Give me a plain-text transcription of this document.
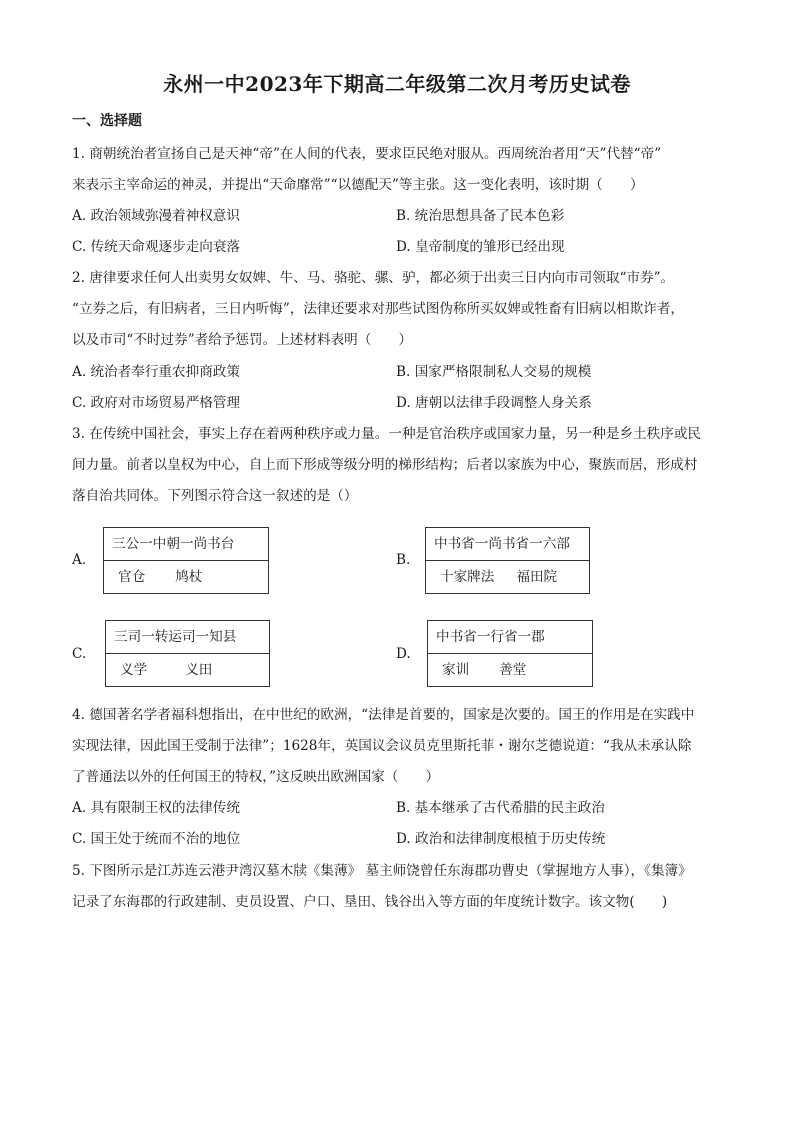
永州一中2023年下期高二年级第二次月考历史试卷
一、选择题
1. 商朝统治者宣扬自己是天神“帝”在人间的代表，要求臣民绝对服从。西周统治者用“天”代替“帝”
来表示主宰命运的神灵，并提出“天命靡常”“以德配天”等主张。这一变化表明，该时期（　　）
A. 政治领域弥漫着神权意识	B. 统治思想具备了民本色彩
C. 传统天命观逐步走向衰落	D. 皇帝制度的雏形已经出现
2. 唐律要求任何人出卖男女奴婢、牛、马、骆驼、骡、驴，都必须于出卖三日内向市司领取“市券”。
“立券之后，有旧病者，三日内听悔”，法律还要求对那些试图伪称所买奴婢或牲畜有旧病以相欺诈者，
以及市司“不时过券”者给予惩罚。上述材料表明（　　）
A. 统治者奉行重农抑商政策	B. 国家严格限制私人交易的规模
C. 政府对市场贸易严格管理	D. 唐朝以法律手段调整人身关系
3. 在传统中国社会，事实上存在着两种秩序或力量。一种是官治秩序或国家力量，另一种是乡土秩序或民
间力量。前者以皇权为中心，自上而下形成等级分明的梯形结构；后者以家族为中心，聚族而居，形成村
落自治共同体。下列图示符合这一叙述的是（）
A.
三公一中朝一尚书台
官仓 鸠杖
B.
中书省一尚书省一六部
十家牌法 福田院
C.
三司一转运司一知县
义学	义田
D.
中书省一行省一郡
家训 善堂
4. 德国著名学者福科想指出，在中世纪的欧洲，“法律是首要的，国家是次要的。国王的作用是在实践中
实现法律，因此国王受制于法律”；1628年，英国议会议员克里斯托菲・谢尔芝德说道：“我从未承认除
了普通法以外的任何国王的特权，”这反映出欧洲国家（　　）
A. 具有限制王权的法律传统	B. 基本继承了古代希腊的民主政治
C. 国王处于统而不治的地位	D. 政治和法律制度根植于历史传统
5. 下图所示是江苏连云港尹湾汉墓木牍《集薄》 墓主师饶曾任东海郡功曹史（掌握地方人事），《集簿》
记录了东海郡的行政建制、吏员设置、户口、垦田、钱谷出入等方面的年度统计数字。该文物(　　)
